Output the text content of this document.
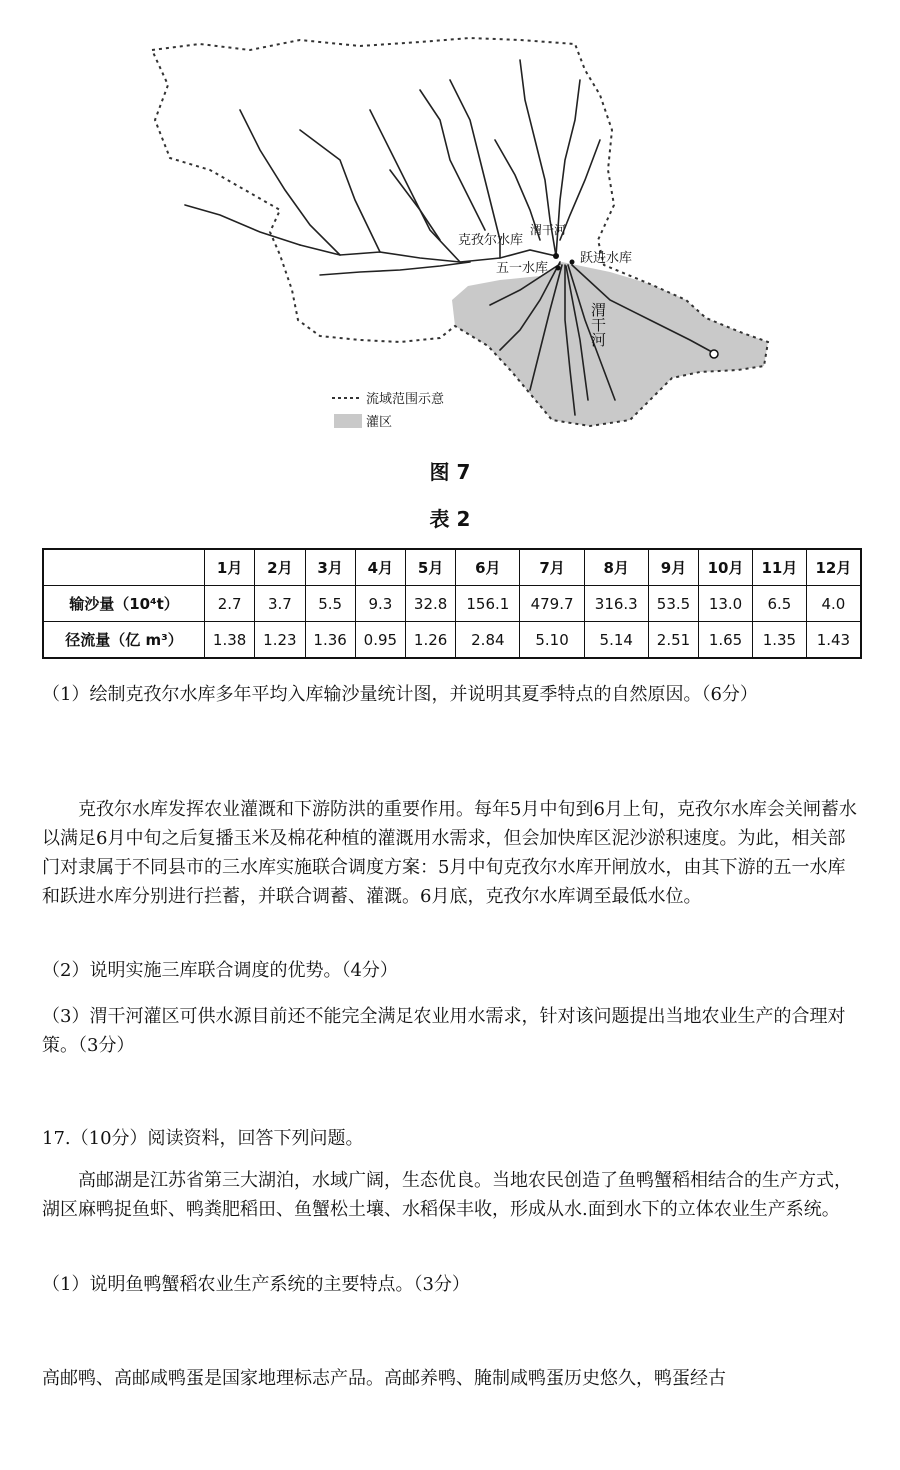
克孜尔水库
渭干河
五一水库
跃进水库
渭干河
流域范围示意
灌区
图 7
表 2
	1月	2月	3月	4月	5月	6月	7月	8月	9月	10月	11月	12月
输沙量（10⁴t）	2.7	3.7	5.5	9.3	32.8	156.1	479.7	316.3	53.5	13.0	6.5	4.0
径流量（亿 m³）	1.38	1.23	1.36	0.95	1.26	2.84	5.10	5.14	2.51	1.65	1.35	1.43

（1）绘制克孜尔水库多年平均入库输沙量统计图，并说明其夏季特点的自然原因。（6分）

克孜尔水库发挥农业灌溉和下游防洪的重要作用。每年5月中旬到6月上旬，克孜尔水库会关闸蓄水以满足6月中旬之后复播玉米及棉花种植的灌溉用水需求，但会加快库区泥沙淤积速度。为此，相关部门对隶属于不同县市的三水库实施联合调度方案：5月中旬克孜尔水库开闸放水，由其下游的五一水库和跃进水库分别进行拦蓄，并联合调蓄、灌溉。6月底，克孜尔水库调至最低水位。

（2）说明实施三库联合调度的优势。（4分）

（3）渭干河灌区可供水源目前还不能完全满足农业用水需求，针对该问题提出当地农业生产的合理对策。（3分）

17.（10分）阅读资料，回答下列问题。

高邮湖是江苏省第三大湖泊，水域广阔，生态优良。当地农民创造了鱼鸭蟹稻相结合的生产方式，湖区麻鸭捉鱼虾、鸭粪肥稻田、鱼蟹松土壤、水稻保丰收，形成从水.面到水下的立体农业生产系统。

（1）说明鱼鸭蟹稻农业生产系统的主要特点。（3分）

高邮鸭、高邮咸鸭蛋是国家地理标志产品。高邮养鸭、腌制咸鸭蛋历史悠久，鸭蛋经古
